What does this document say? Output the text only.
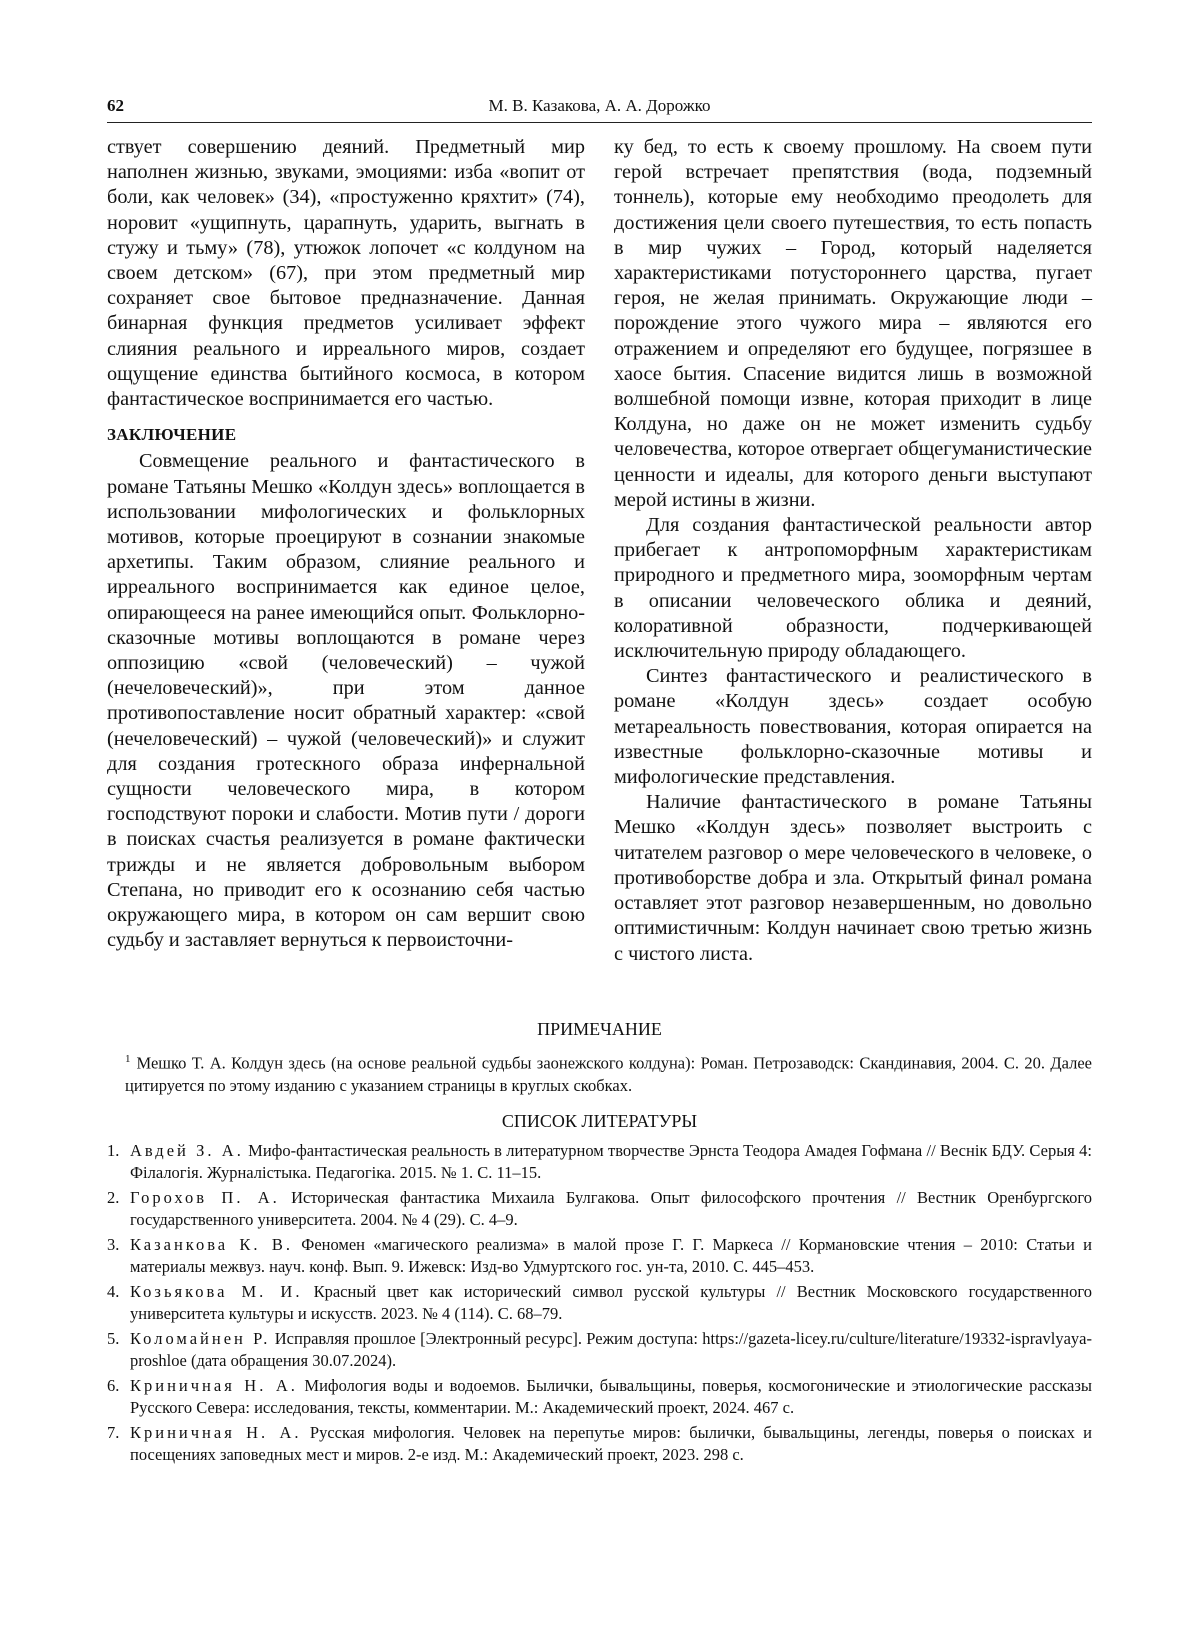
62	М. В. Казакова, А. А. Дорожко

ствует совершению деяний. Предметный мир наполнен жизнью, звуками, эмоциями: изба «вопит от боли, как человек» (34), «простуженно кряхтит» (74), норовит «ущипнуть, царапнуть, ударить, выгнать в стужу и тьму» (78), утюжок лопочет «с колдуном на своем детском» (67), при этом предметный мир сохраняет свое бытовое предназначение. Данная бинарная функция предметов усиливает эффект слияния реального и ирреального миров, создает ощущение единства бытийного космоса, в котором фантастическое воспринимается его частью.

ЗАКЛЮЧЕНИЕ

Совмещение реального и фантастического в романе Татьяны Мешко «Колдун здесь» воплощается в использовании мифологических и фольклорных мотивов, которые проецируют в сознании знакомые архетипы. Таким образом, слияние реального и ирреального воспринимается как единое целое, опирающееся на ранее имеющийся опыт. Фольклорно-сказочные мотивы воплощаются в романе через оппозицию «свой (человеческий) – чужой (нечеловеческий)», при этом данное противопоставление носит обратный характер: «свой (нечеловеческий) – чужой (человеческий)» и служит для создания гротескного образа инфернальной сущности человеческого мира, в котором господствуют пороки и слабости. Мотив пути / дороги в поисках счастья реализуется в романе фактически трижды и не является добровольным выбором Степана, но приводит его к осознанию себя частью окружающего мира, в котором он сам вершит свою судьбу и заставляет вернуться к первоисточни-

ку бед, то есть к своему прошлому. На своем пути герой встречает препятствия (вода, подземный тоннель), которые ему необходимо преодолеть для достижения цели своего путешествия, то есть попасть в мир чужих – Город, который наделяется характеристиками потустороннего царства, пугает героя, не желая принимать. Окружающие люди – порождение этого чужого мира – являются его отражением и определяют его будущее, погрязшее в хаосе бытия. Спасение видится лишь в возможной волшебной помощи извне, которая приходит в лице Колдуна, но даже он не может изменить судьбу человечества, которое отвергает общегуманистические ценности и идеалы, для которого деньги выступают мерой истины в жизни.

Для создания фантастической реальности автор прибегает к антропоморфным характеристикам природного и предметного мира, зооморфным чертам в описании человеческого облика и деяний, колоративной образности, подчеркивающей исключительную природу обладающего.

Синтез фантастического и реалистического в романе «Колдун здесь» создает особую метареальность повествования, которая опирается на известные фольклорно-сказочные мотивы и мифологические представления.

Наличие фантастического в романе Татьяны Мешко «Колдун здесь» позволяет выстроить с читателем разговор о мере человеческого в человеке, о противоборстве добра и зла. Открытый финал романа оставляет этот разговор незавершенным, но довольно оптимистичным: Колдун начинает свою третью жизнь с чистого листа.

ПРИМЕЧАНИЕ

$^1$ Мешко Т. А. Колдун здесь (на основе реальной судьбы заонежского колдуна): Роман. Петрозаводск: Скандинавия, 2004. С. 20. Далее цитируется по этому изданию с указанием страницы в круглых скобках.

СПИСОК ЛИТЕРАТУРЫ

1. Авдей З. А. Мифо-фантастическая реальность в литературном творчестве Эрнста Теодора Амадея Гофмана // Веснік БДУ. Серыя 4: Філалогія. Журналістыка. Педагогіка. 2015. № 1. С. 11–15.
2. Горохов П. А. Историческая фантастика Михаила Булгакова. Опыт философского прочтения // Вестник Оренбургского государственного университета. 2004. № 4 (29). С. 4–9.
3. Казанкова К. В. Феномен «магического реализма» в малой прозе Г. Г. Маркеса // Кормановские чтения – 2010: Статьи и материалы межвуз. науч. конф. Вып. 9. Ижевск: Изд-во Удмуртского гос. ун-та, 2010. С. 445–453.
4. Козьякова М. И. Красный цвет как исторический символ русской культуры // Вестник Московского государственного университета культуры и искусств. 2023. № 4 (114). С. 68–79.
5. Коломайнен Р. Исправляя прошлое [Электронный ресурс]. Режим доступа: https://gazeta-licey.ru/culture/literature/19332-ispravlyaya-proshloe (дата обращения 30.07.2024).
6. Криничная Н. А. Мифология воды и водоемов. Былички, бывальщины, поверья, космогонические и этиологические рассказы Русского Севера: исследования, тексты, комментарии. М.: Академический проект, 2024. 467 с.
7. Криничная Н. А. Русская мифология. Человек на перепутье миров: былички, бывальщины, легенды, поверья о поисках и посещениях заповедных мест и миров. 2-е изд. М.: Академический проект, 2023. 298 с.
